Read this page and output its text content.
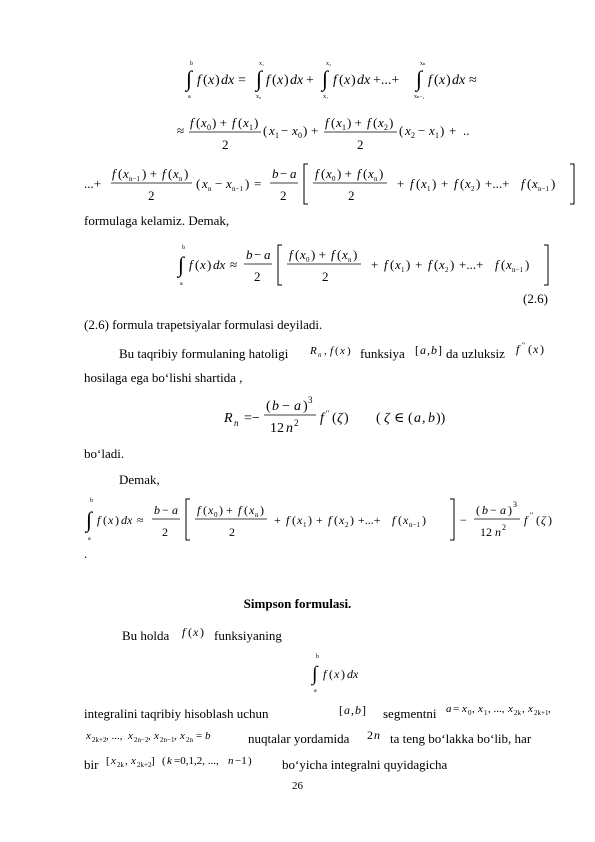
b
∫
a
f ( x ) dx =
x₁
∫
x₀
f ( x ) dx +
x₂
∫
x₁
f ( x ) dx +...+
xₙ
∫
xₙ₋₁
f ( x ) dx ≈
≈
f ( x 0 ) + f ( x 1 )
2
( x 1 − x 0 ) +
f ( x 1 ) + f ( x 2 )
2
( x 2 − x 1 ) + ..
...+
f ( x n−1 ) + f ( x n )
2
( x n − x n−1 ) =
b − a
2
f ( x 0 ) + f ( x n )
2
+ f ( x 1 ) + f ( x 2 ) +...+ f ( x n−1 )
formulaga kelamiz. Demak,
b
∫
a
f ( x ) dx ≈
b − a
2
f ( x 0 ) + f ( x n )
2
+ f ( x 1 ) + f ( x 2 ) +...+ f ( x n−1 )
(2.6)
(2.6) formula trapetsiyalar formulasi deyiladi.
Bu taqribiy formulaning hatoligi R n , f ( x ) funksiya [ a , b ] da uzluksiz f '' ( x )
hosilaga ega bo‘lishi shartida ,
R n =−
( b − a ) 3
12 n 2 f '' ( ζ ) ( ζ ∈ ( a , b ))
bo‘ladi.
Demak,
b
∫
a
f ( x ) dx ≈
b − a
2
f ( x 0 ) + f ( x n )
2
+ f ( x 1 ) + f ( x 2 ) +...+ f ( x n−1 )	−
( b − a ) 3
12 n 2
f '' ( ζ )
.
Simpson formulasi.
Bu holda f ( x ) funksiyaning
b
∫
a
f ( x ) dx
integralini taqribiy hisoblash uchun	[ a , b ] segmentni a = x 0 , x 1 , ..., x 2k , x 2k+1 ,
x 2k+2 , ..., x 2n−2 , x 2n−1 , x 2n = b	nuqtalar yordamida 2 n ta teng bo‘lakka bo‘lib, har
bir [ x 2k , x 2k+2 ] ( k =0,1,2, ..., n −1 ) bo‘yicha integralni quyidagicha
26
